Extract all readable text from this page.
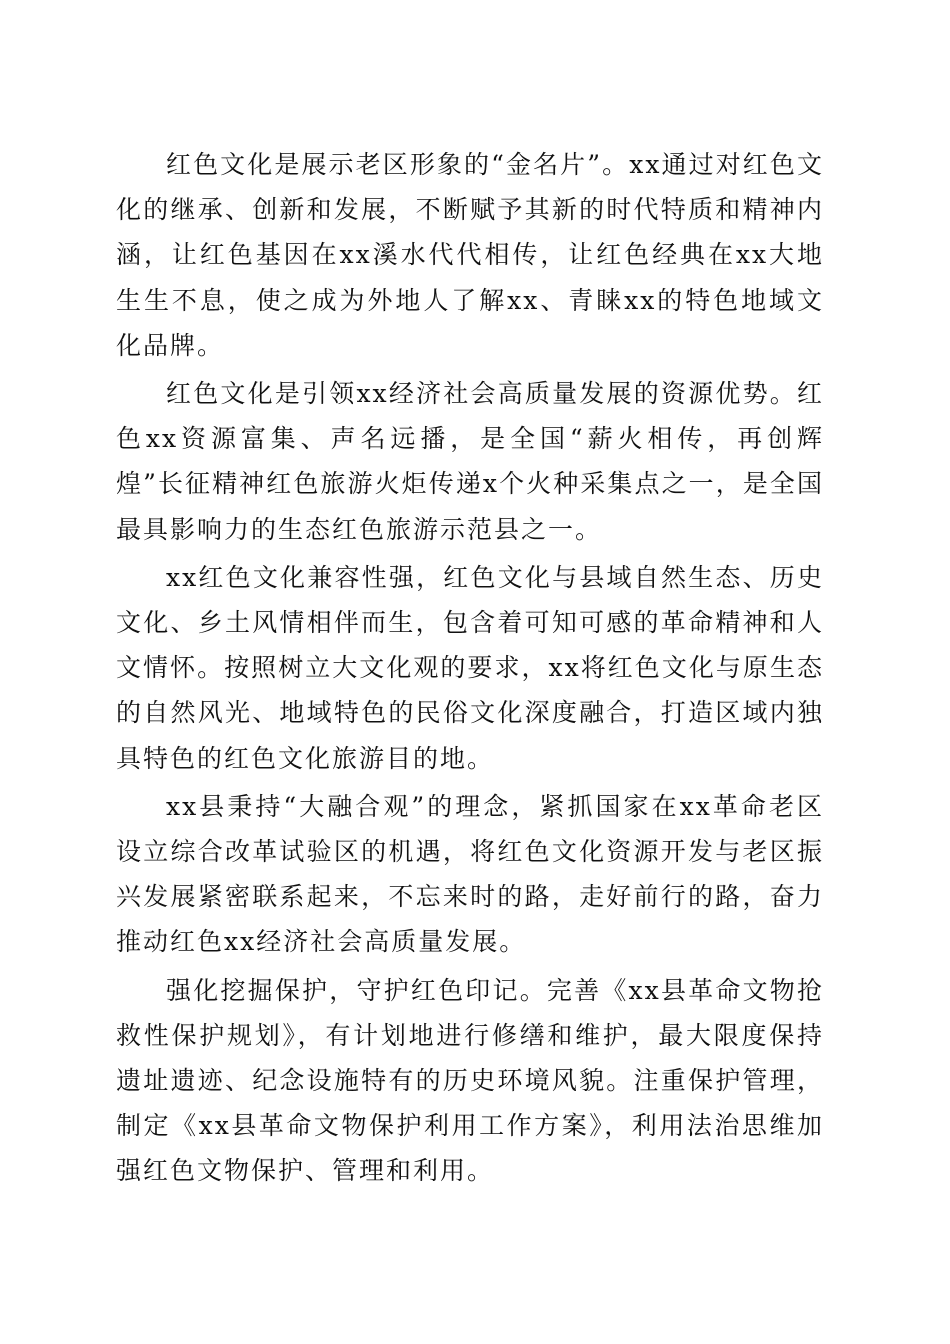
红色文化是展示老区形象的“金名片”。xx通过对红色文化的继承、创新和发展，不断赋予其新的时代特质和精神内涵，让红色基因在xx溪水代代相传，让红色经典在xx大地生生不息，使之成为外地人了解xx、青睐xx的特色地域文化品牌。

红色文化是引领xx经济社会高质量发展的资源优势。红色xx资源富集、声名远播，是全国“薪火相传，再创辉煌”长征精神红色旅游火炬传递x个火种采集点之一，是全国最具影响力的生态红色旅游示范县之一。

xx红色文化兼容性强，红色文化与县域自然生态、历史文化、乡土风情相伴而生，包含着可知可感的革命精神和人文情怀。按照树立大文化观的要求，xx将红色文化与原生态的自然风光、地域特色的民俗文化深度融合，打造区域内独具特色的红色文化旅游目的地。

xx县秉持“大融合观”的理念，紧抓国家在xx革命老区设立综合改革试验区的机遇，将红色文化资源开发与老区振兴发展紧密联系起来，不忘来时的路，走好前行的路，奋力推动红色xx经济社会高质量发展。

强化挖掘保护，守护红色印记。完善《xx县革命文物抢救性保护规划》，有计划地进行修缮和维护，最大限度保持遗址遗迹、纪念设施特有的历史环境风貌。注重保护管理，制定《xx县革命文物保护利用工作方案》，利用法治思维加强红色文物保护、管理和利用。
